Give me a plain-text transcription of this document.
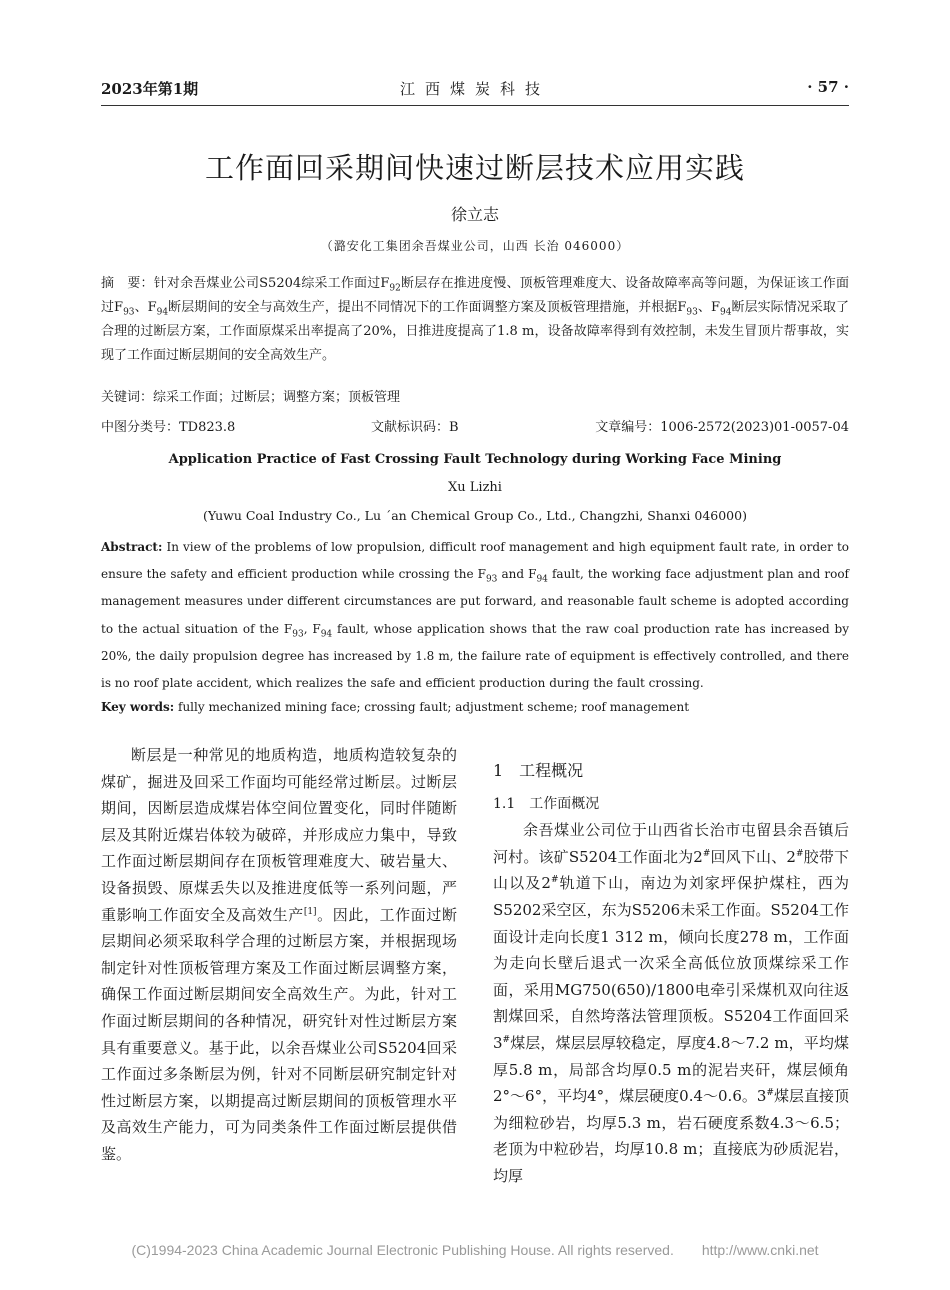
2023年第1期	江西煤炭科技	· 57 ·
工作面回采期间快速过断层技术应用实践
徐立志
（潞安化工集团余吾煤业公司，山西 长治 046000）
摘　要：针对余吾煤业公司S5204综采工作面过$F_{92}$断层存在推进度慢、顶板管理难度大、设备故障率高等问题，为保证该工作面过$F_{93}$、$F_{94}$断层期间的安全与高效生产，提出不同情况下的工作面调整方案及顶板管理措施，并根据$F_{93}$、$F_{94}$断层实际情况采取了合理的过断层方案，工作面原煤采出率提高了20%，日推进度提高了1.8 m，设备故障率得到有效控制，未发生冒顶片帮事故，实现了工作面过断层期间的安全高效生产。
关键词：综采工作面；过断层；调整方案；顶板管理
中图分类号：TD823.8	文献标识码：B	文章编号：1006-2572(2023)01-0057-04
Application Practice of Fast Crossing Fault Technology during Working Face Mining
Xu Lizhi
(Yuwu Coal Industry Co., Lu ´an Chemical Group Co., Ltd., Changzhi, Shanxi 046000)
Abstract: In view of the problems of low propulsion, difficult roof management and high equipment fault rate, in order to ensure the safety and efficient production while crossing the $F_{93}$ and $F_{94}$ fault, the working face adjustment plan and roof management measures under different circumstances are put forward, and reasonable fault scheme is adopted according to the actual situation of the $F_{93}$, $F_{94}$ fault, whose application shows that the raw coal production rate has increased by 20%, the daily propulsion degree has increased by 1.8 m, the failure rate of equipment is effectively controlled, and there is no roof plate accident, which realizes the safe and efficient production during the fault crossing.
Key words: fully mechanized mining face; crossing fault; adjustment scheme; roof management

断层是一种常见的地质构造，地质构造较复杂的煤矿，掘进及回采工作面均可能经常过断层。过断层期间，因断层造成煤岩体空间位置变化，同时伴随断层及其附近煤岩体较为破碎，并形成应力集中，导致工作面过断层期间存在顶板管理难度大、破岩量大、设备损毁、原煤丢失以及推进度低等一系列问题，严重影响工作面安全及高效生产[1]。因此，工作面过断层期间必须采取科学合理的过断层方案，并根据现场制定针对性顶板管理方案及工作面过断层调整方案，确保工作面过断层期间安全高效生产。为此，针对工作面过断层期间的各种情况，研究针对性过断层方案具有重要意义。基于此，以余吾煤业公司S5204回采工作面过多条断层为例，针对不同断层研究制定针对性过断层方案，以期提高过断层期间的顶板管理水平及高效生产能力，可为同类条件工作面过断层提供借鉴。

1　工程概况
1.1　工作面概况

余吾煤业公司位于山西省长治市屯留县余吾镇后河村。该矿S5204工作面北为2#回风下山、2#胶带下山以及2#轨道下山，南边为刘家坪保护煤柱，西为S5202采空区，东为S5206未采工作面。S5204工作面设计走向长度1 312 m，倾向长度278 m，工作面为走向长壁后退式一次采全高低位放顶煤综采工作面，采用MG750(650)/1800电牵引采煤机双向往返割煤回采，自然垮落法管理顶板。S5204工作面回采3#煤层，煤层层厚较稳定，厚度4.8～7.2 m，平均煤厚5.8 m，局部含均厚0.5 m的泥岩夹矸，煤层倾角2°～6°，平均4°，煤层硬度0.4～0.6。3#煤层直接顶为细粒砂岩，均厚5.3 m，岩石硬度系数4.3～6.5；老顶为中粒砂岩，均厚10.8 m；直接底为砂质泥岩，均厚

(C)1994-2023 China Academic Journal Electronic Publishing House. All rights reserved.　　http://www.cnki.net
